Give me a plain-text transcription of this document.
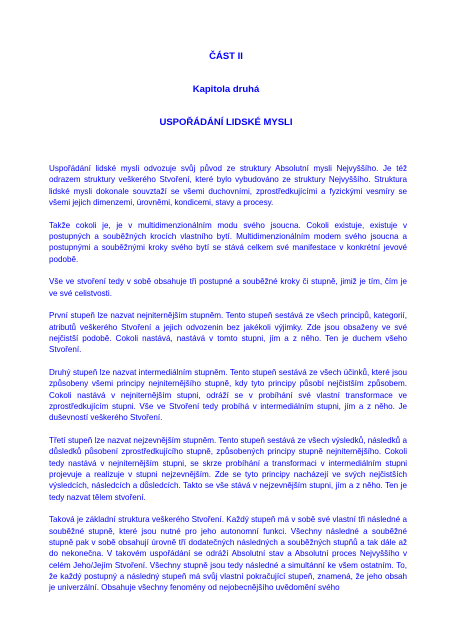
ČÁST II
Kapitola druhá
USPOŘÁDÁNÍ LIDSKÉ MYSLI

Uspořádání lidské mysli odvozuje svůj původ ze struktury Absolutní mysli Nejvyššího. Je též odrazem struktury veškerého Stvoření, které bylo vybudováno ze struktury Nejvyššího. Struktura lidské mysli dokonale souvztaží se všemi duchovními, zprostředkujícími a fyzickými vesmíry se všemi jejich dimenzemi, úrovněmi, kondicemi, stavy a procesy.

Takže cokoli je, je v multidimenzionálním modu svého jsoucna. Cokoli existuje, existuje v postupných a souběžných krocích vlastního bytí. Multidimenzionálním modem svého jsoucna a postupnými a souběžnými kroky svého bytí se stává celkem své manifestace v konkrétní jevové podobě.

Vše ve stvoření tedy v sobě obsahuje tři postupné a souběžné kroky či stupně, jimiž je tím, čím je ve své celistvosti.

První stupeň lze nazvat nejniternějším stupněm. Tento stupeň sestává ze všech principů, kategorií, atributů veškerého Stvoření a jejich odvozenin bez jakékoli výjimky. Zde jsou obsaženy ve své nejčistší podobě. Cokoli nastává, nastává v tomto stupni, jím a z něho. Ten je duchem všeho Stvoření.

Druhý stupeň lze nazvat intermediálním stupněm. Tento stupeň sestává ze všech účinků, které jsou způsobeny všemi principy nejniternějšího stupně, kdy tyto principy působí nejčistším způsobem. Cokoli nastává v nejniternějším stupni, odráží se v probíhání své vlastní transformace ve zprostředkujícím stupni. Vše ve Stvoření tedy probíhá v intermediálním stupni, jím a z něho. Je duševností veškerého Stvoření.

Třetí stupeň lze nazvat nejzevnějším stupněm. Tento stupeň sestává ze všech výsledků, následků a důsledků působení zprostředkujícího stupně, způsobených principy stupně nejniternějšího. Cokoli tedy nastává v nejniternějším stupni, se skrze probíhání a transformaci v intermediálním stupni projevuje a realizuje v stupni nejzevnějším. Zde se tyto principy nacházejí ve svých nejčistších výsledcích, následcích a důsledcích. Takto se vše stává v nejzevnějším stupni, jím a z něho. Ten je tedy nazvat tělem stvoření.

Taková je základní struktura veškerého Stvoření. Každý stupeň má v sobě své vlastní tři následné a souběžné stupně, které jsou nutné pro jeho autonomní funkci. Všechny následné a souběžné stupně pak v sobě obsahují úrovně tří dodatečných následných a souběžných stupňů a tak dále až do nekonečna. V takovém uspořádání se odráží Absolutní stav a Absolutní proces Nejvyššího v celém Jeho/Jejím Stvoření. Všechny stupně jsou tedy následné a simultánní ke všem ostatním. To, že každý postupný a následný stupeň má svůj vlastní pokračující stupeň, znamená, že jeho obsah je univerzální. Obsahuje všechny fenomény od nejobecnějšího uvědomění svého
